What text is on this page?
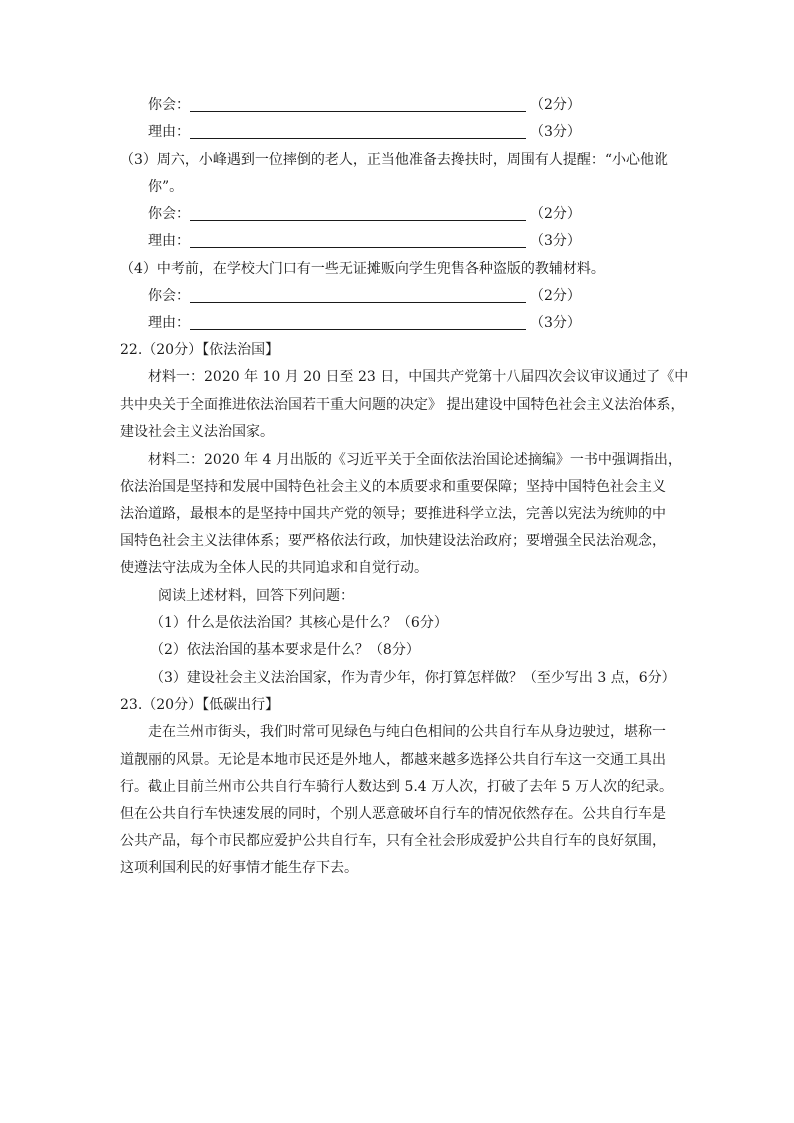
你会：	（2分）
理由：	（3分）
（3）周六，小峰遇到一位摔倒的老人，正当他准备去搀扶时，周围有人提醒：“小心他讹
你”。
你会：	（2分）
理由：	（3分）
（4）中考前，在学校大门口有一些无证摊贩向学生兜售各种盗版的教辅材料。
你会：	（2分）
理由：	（3分）
22.（20分）【依法治国】
材料一：2020 年 10 月 20 日至 23 日，中国共产党第十八届四次会议审议通过了《中
共中央关于全面推进依法治国若干重大问题的决定》 提出建设中国特色社会主义法治体系，
建设社会主义法治国家。
材料二：2020 年 4 月出版的《习近平关于全面依法治国论述摘编》一书中强调指出，
依法治国是坚持和发展中国特色社会主义的本质要求和重要保障；坚持中国特色社会主义
法治道路，最根本的是坚持中国共产党的领导；要推进科学立法，完善以宪法为统帅的中
国特色社会主义法律体系；要严格依法行政，加快建设法治政府；要增强全民法治观念，
使遵法守法成为全体人民的共同追求和自觉行动。
阅读上述材料，回答下列问题：
（1）什么是依法治国？其核心是什么？（6分）
（2）依法治国的基本要求是什么？（8分）
（3）建设社会主义法治国家，作为青少年，你打算怎样做？（至少写出 3 点，6分）
23.（20分）【低碳出行】
走在兰州市街头，我们时常可见绿色与纯白色相间的公共自行车从身边驶过，堪称一
道靓丽的风景。无论是本地市民还是外地人，都越来越多选择公共自行车这一交通工具出
行。截止目前兰州市公共自行车骑行人数达到 5.4 万人次，打破了去年 5 万人次的纪录。
但在公共自行车快速发展的同时，个别人恶意破坏自行车的情况依然存在。公共自行车是
公共产品，每个市民都应爱护公共自行车，只有全社会形成爱护公共自行车的良好氛围，
这项利国利民的好事情才能生存下去。
